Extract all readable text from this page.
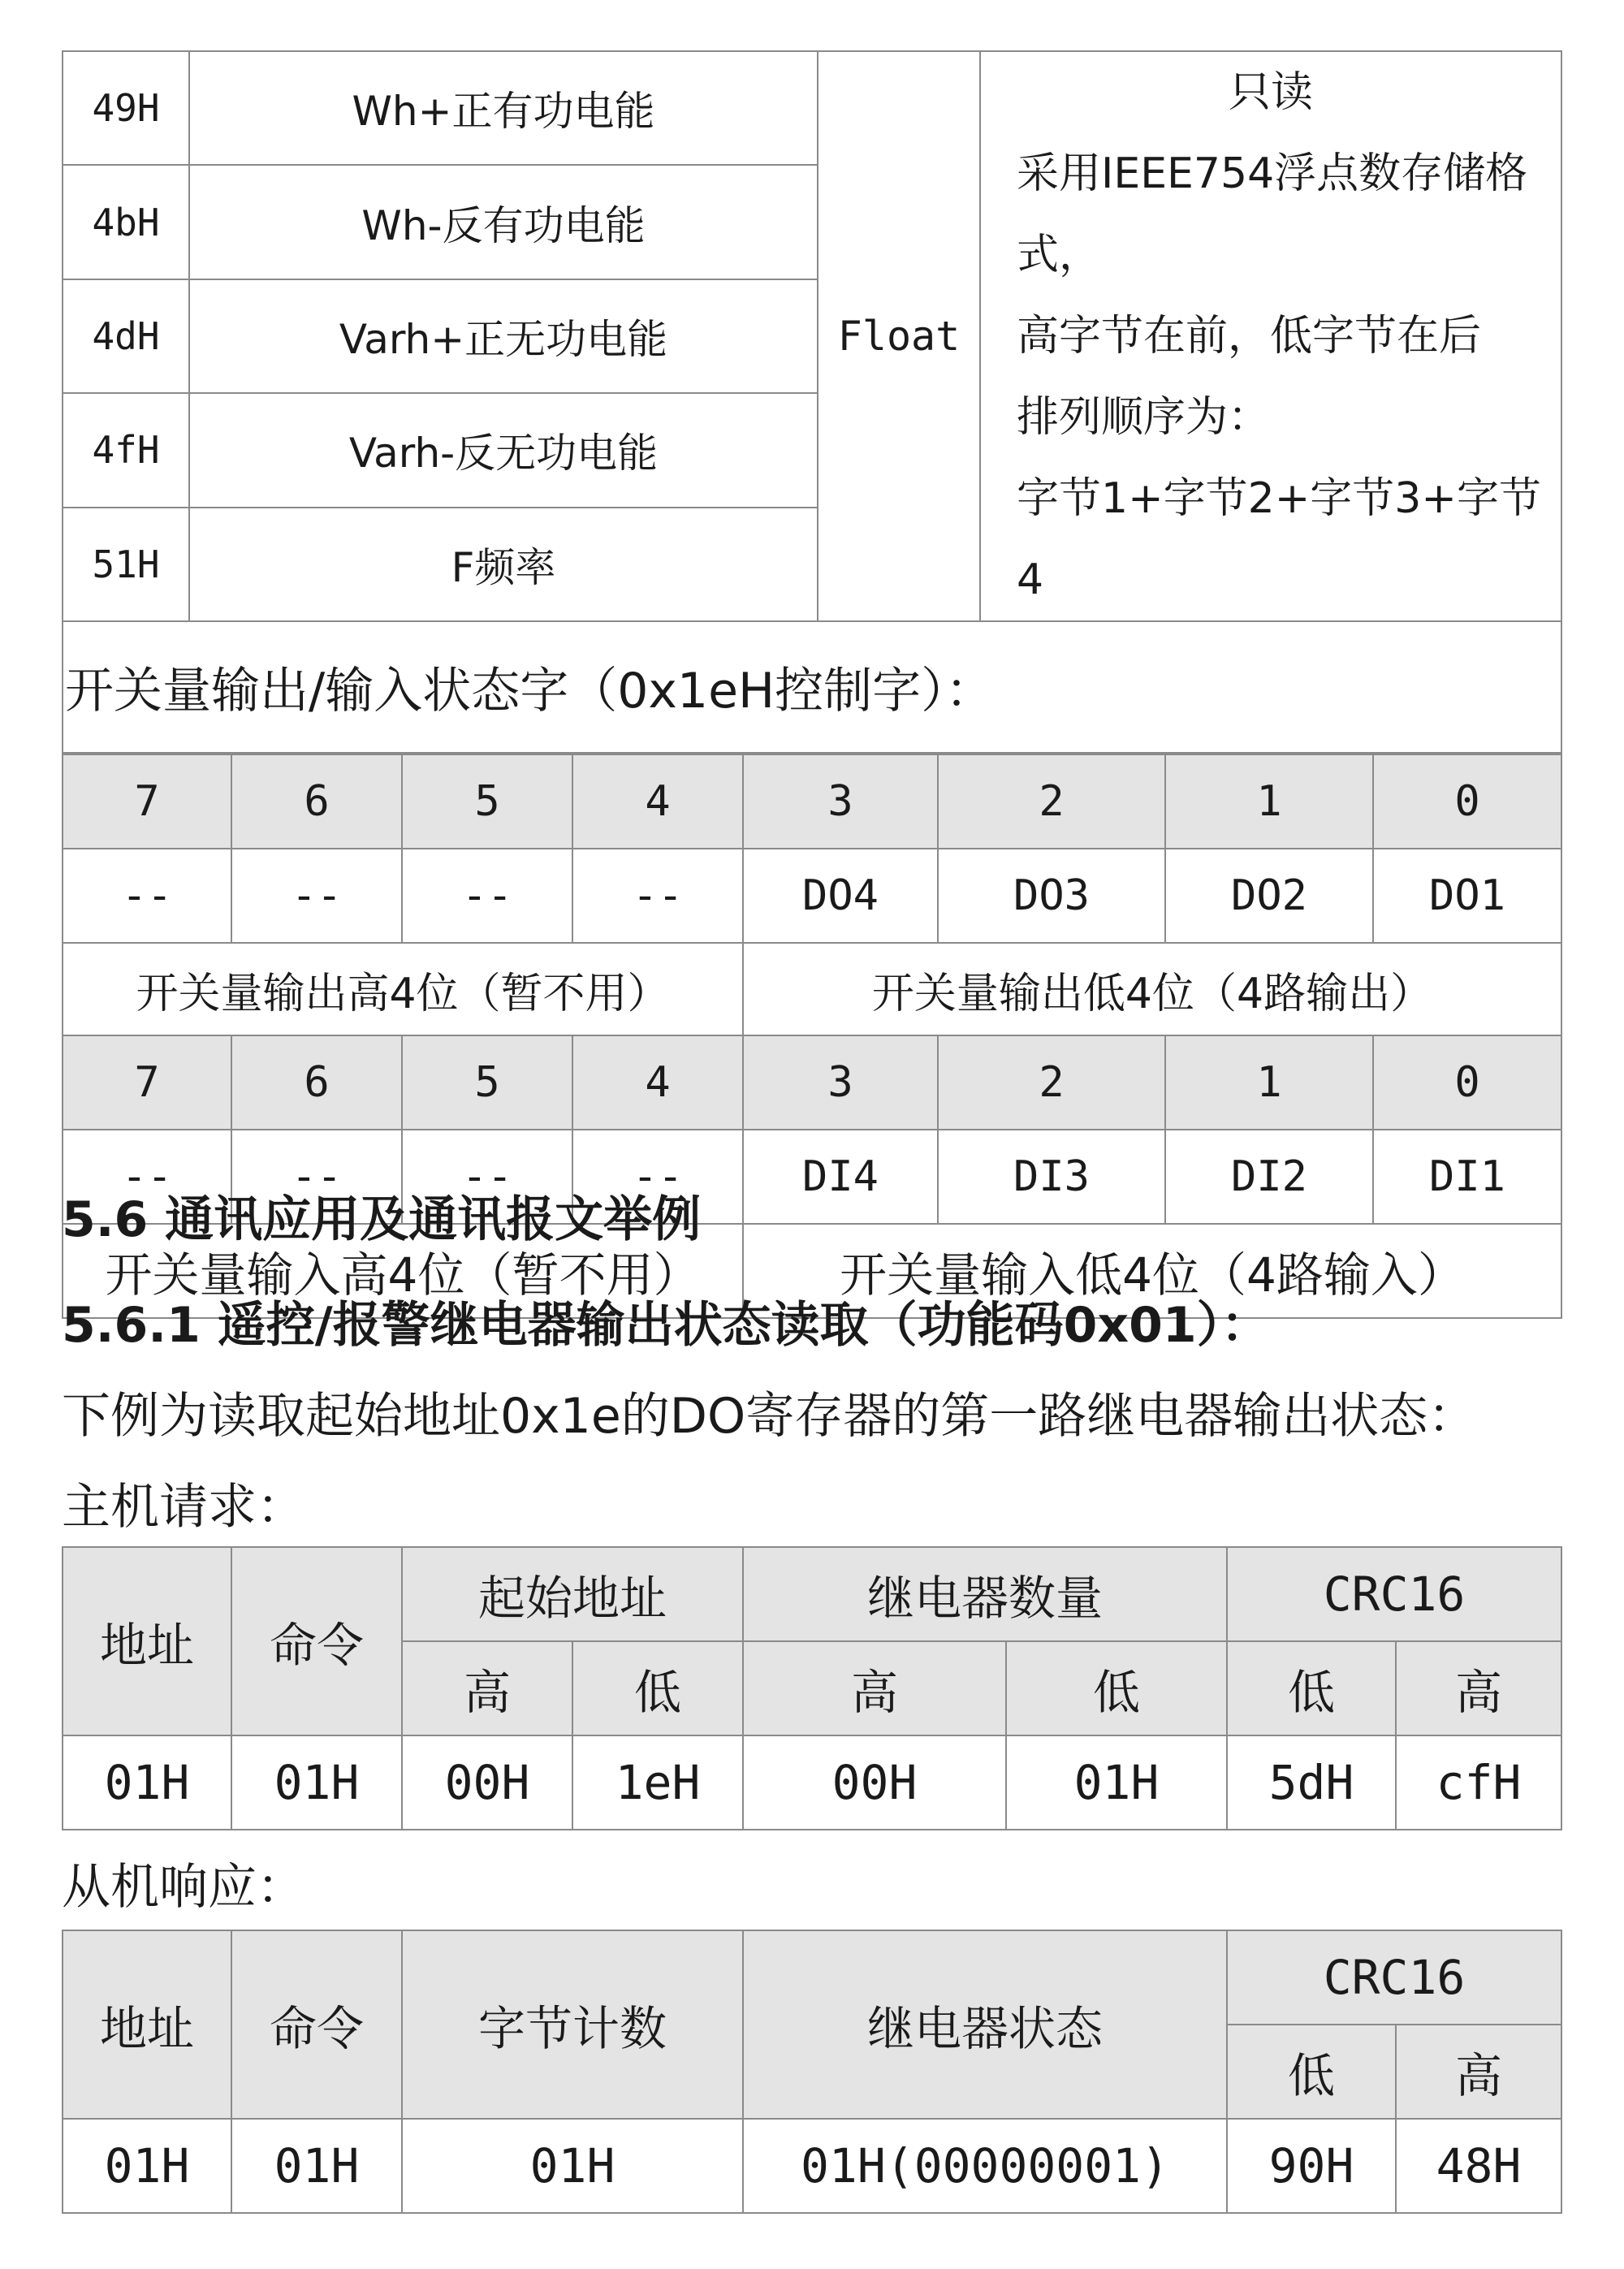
49H	Wh+正有功电能	Float	只读
采用IEEE754浮点数存储格式，
高字节在前，低字节在后
排列顺序为：
字节1+字节2+字节3+字节4

4bH	Wh-反有功电能		
4dH	Varh+正无功电能		
4fH	Varh-反无功电能		
51H	F频率		
开关量输出/输入状态字（0x1eH控制字）：			
7	6	5	4	3	2	1	0
--	--	--	--	DO4	DO3	DO2	DO1
开关量输出高4位（暂不用）				开关量输出低4位（4路输出）			
7	6	5	4	3	2	1	0
--	--	--	--	DI4	DI3	DI2	DI1
开关量输入高4位（暂不用）				开关量输入低4位（4路输入）			
5.6 通讯应用及通讯报文举例
5.6.1 遥控/报警继电器输出状态读取（功能码0x01）：
下例为读取起始地址0x1e的DO寄存器的第一路继电器输出状态：
主机请求：
地址	命令	起始地址		继电器数量		CRC16	
		高	低	高	低	低	高
01H	01H	00H	1eH	00H	01H	5dH	cfH
从机响应：
地址	命令	字节计数	继电器状态	CRC16	
				低	高
01H	01H	01H	01H(00000001)	90H	48H
